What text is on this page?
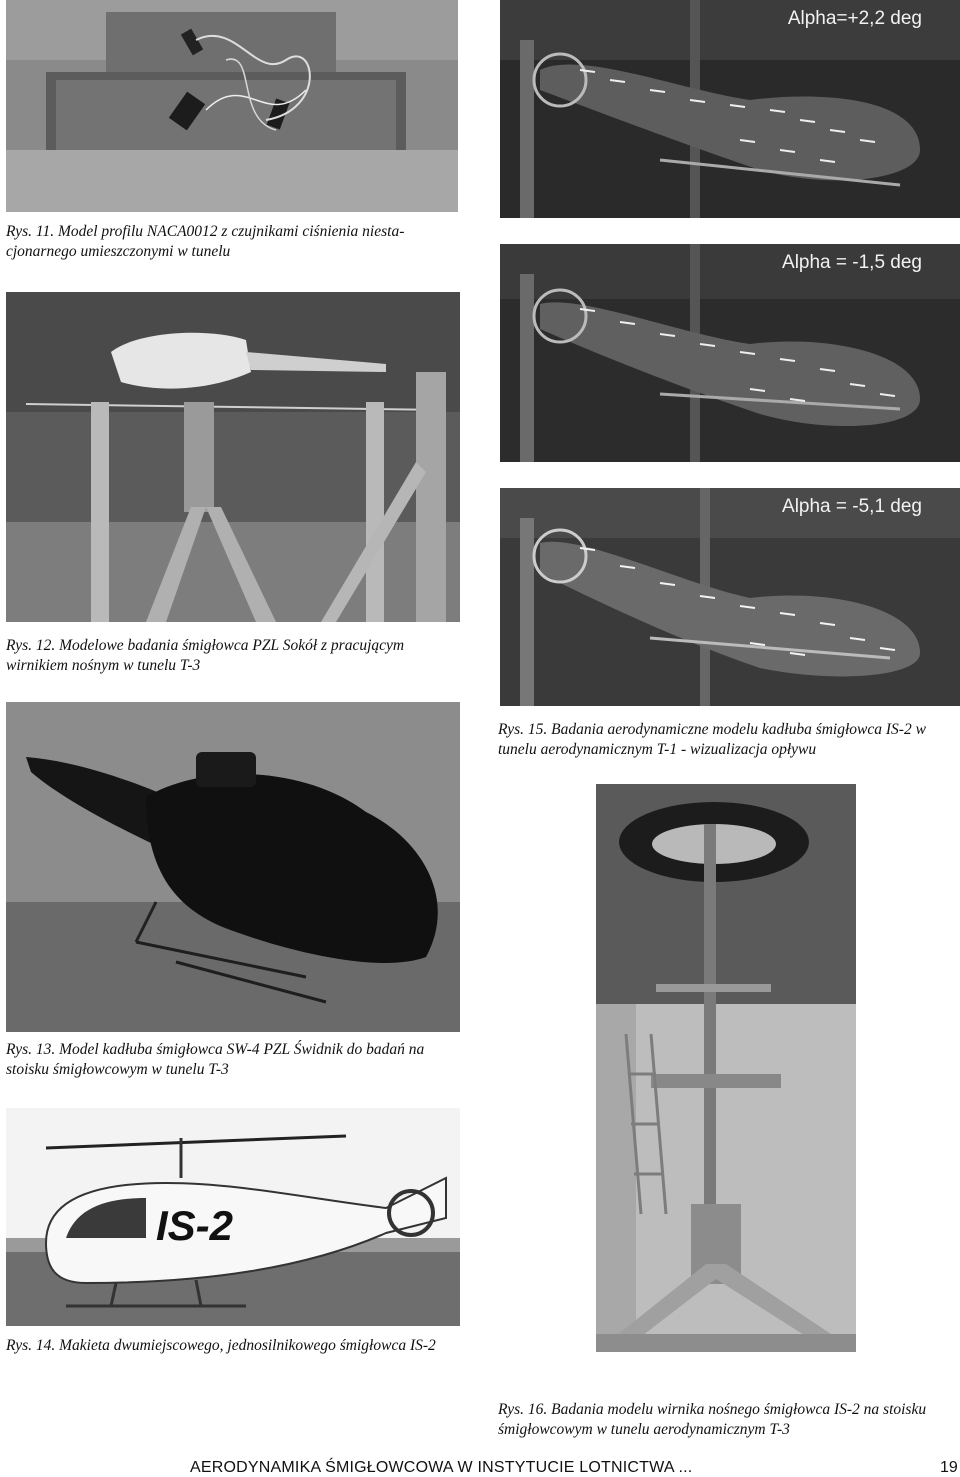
Rys. 11. Model profilu NACA0012 z czujnikami ciśnienia niesta-cjonarnego umieszczonymi w tunelu
Rys. 12. Modelowe badania śmigłowca PZL Sokół z pracującym wirnikiem nośnym w tunelu T-3
Rys. 13. Model kadłuba śmigłowca SW-4 PZL Świdnik do badań na stoisku śmigłowcowym w tunelu T-3
IS-2
Rys. 14. Makieta dwumiejscowego, jednosilnikowego śmigłowca IS-2
Alpha=+2,2 deg
Alpha = -1,5 deg
Alpha = -5,1 deg
Rys. 15. Badania aerodynamiczne modelu kadłuba śmigłowca IS-2 w tunelu aerodynamicznym T-1 - wizualizacja opływu
Rys. 16. Badania modelu wirnika nośnego śmigłowca IS-2 na stoisku śmigłowcowym w tunelu aerodynamicznym T-3
AERODYNAMIKA ŚMIGŁOWCOWA W INSTYTUCIE LOTNICTWA ...	19
